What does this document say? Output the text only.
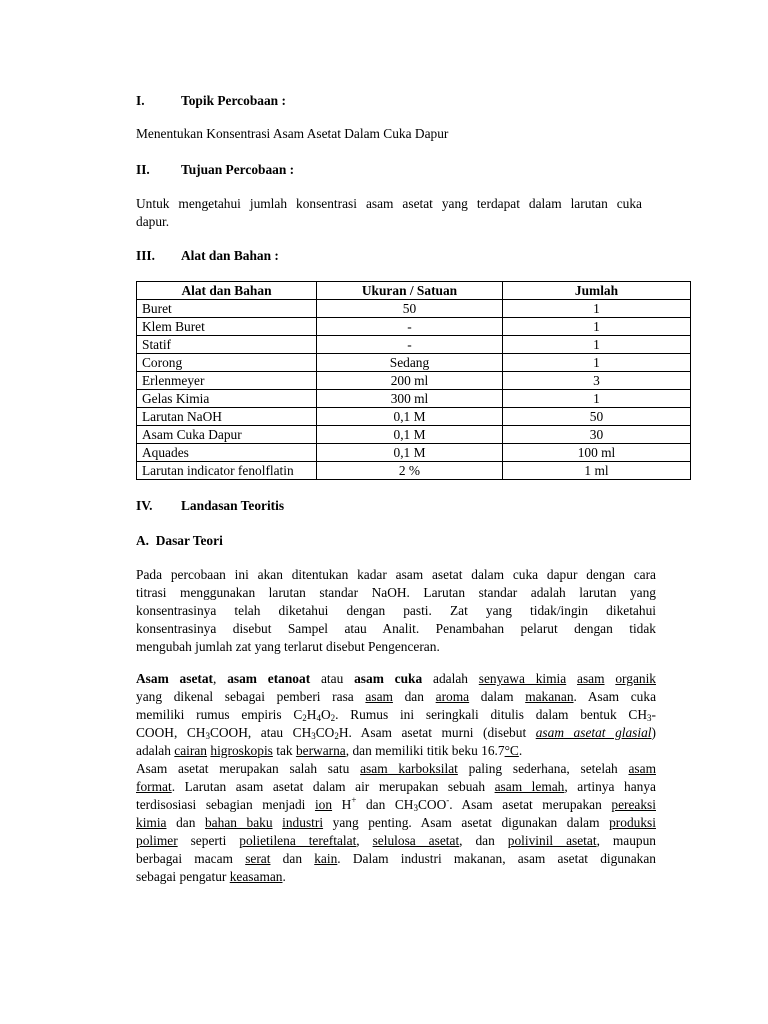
I.	Topik Percobaan :
Menentukan Konsentrasi Asam Asetat Dalam Cuka Dapur
II. Tujuan Percobaan :
Untuk mengetahui jumlah konsentrasi asam asetat yang terdapat dalam larutan cuka
dapur.
III. Alat dan Bahan :
Alat dan Bahan	Ukuran / Satuan	Jumlah
Buret	50	1
Klem Buret	-	1
Statif	-	1
Corong	Sedang	1
Erlenmeyer	200 ml	3
Gelas Kimia	300 ml	1
Larutan NaOH	0,1 M	50
Asam Cuka Dapur	0,1 M	30
Aquades	0,1 M	100 ml
Larutan indicator fenolflatin	2 %	1 ml
IV. Landasan Teoritis
A.  Dasar Teori
Pada percobaan ini akan ditentukan kadar asam asetat dalam cuka dapur dengan cara
titrasi menggunakan larutan standar NaOH. Larutan standar adalah larutan yang
konsentrasinya telah diketahui dengan pasti. Zat yang tidak/ingin diketahui
konsentrasinya disebut Sampel atau Analit. Penambahan pelarut dengan tidak
mengubah jumlah zat yang terlarut disebut Pengenceran.
Asam asetat, asam etanoat atau asam cuka adalah senyawa kimia asam organik
yang dikenal sebagai pemberi rasa asam dan aroma dalam makanan. Asam cuka
memiliki rumus empiris $C_2H_4O_2$. Rumus ini seringkali ditulis dalam bentuk $CH_3-$
COOH, $CH_3COOH$, atau $CH_3CO_2H$. Asam asetat murni (disebut asam asetat glasial)
adalah cairan higroskopis tak berwarna, dan memiliki titik beku 16.7°C.
Asam asetat merupakan salah satu asam karboksilat paling sederhana, setelah asam
format. Larutan asam asetat dalam air merupakan sebuah asam lemah, artinya hanya
terdisosiasi sebagian menjadi ion H+ dan $CH_3COO^-$. Asam asetat merupakan pereaksi
kimia dan bahan baku industri yang penting. Asam asetat digunakan dalam produksi
polimer seperti polietilena tereftalat, selulosa asetat, dan polivinil asetat, maupun
berbagai macam serat dan kain. Dalam industri makanan, asam asetat digunakan
sebagai pengatur keasaman.
